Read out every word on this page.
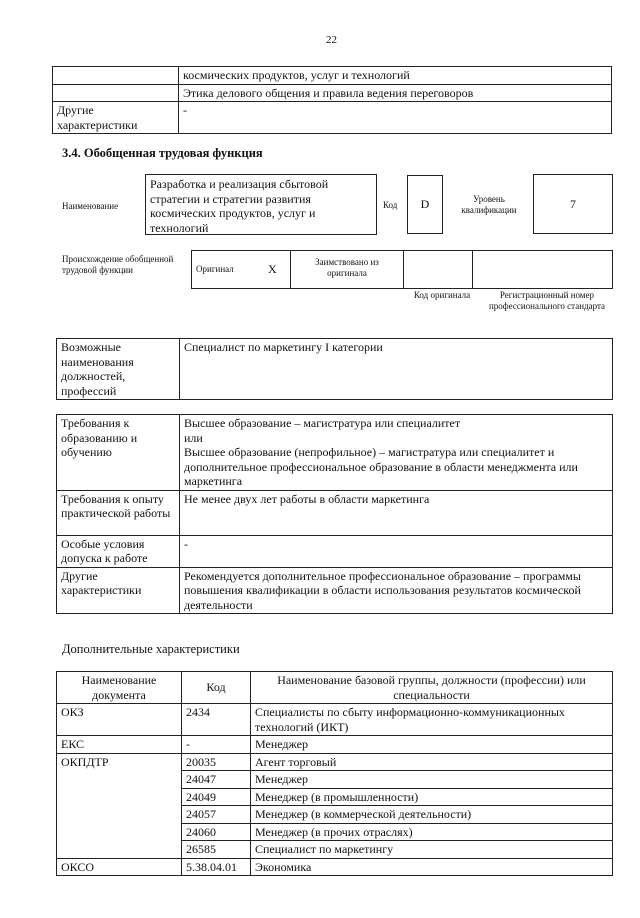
22
	космических продуктов, услуг и технологий
	Этика делового общения и правила ведения переговоров
Другие характеристики	-
3.4. Обобщенная трудовая функция
Наименование
Разработка и реализация сбытовой стратегии и стратегии развития космических продуктов, услуг и технологий
Код	D	Уровень квалификации	7
Происхождение обобщенной трудовой функции	Оригинал	X	Заимствовано из оригинала		
Код оригинала	Регистрационный номер профессионального стандарта
Возможные наименования должностей, профессий	Специалист по маркетингу I категории
Требования к образованию и обучению	Высшее образование – магистратура или специалитет
или
Высшее образование (непрофильное) – магистратура или специалитет и дополнительное профессиональное образование в области менеджмента или маркетинга
Требования к опыту практической работы	Не менее двух лет работы в области маркетинга
Особые условия допуска к работе	-
Другие характеристики	Рекомендуется дополнительное профессиональное образование – программы повышения квалификации в области использования результатов космической деятельности
Дополнительные характеристики
Наименование документа	Код	Наименование базовой группы, должности (профессии) или специальности
ОКЗ	2434	Специалисты по сбыту информационно-коммуникационных технологий (ИКТ)
ЕКС	-	Менеджер
ОКПДТР	20035	Агент торговый
	24047	Менеджер
	24049	Менеджер (в промышленности)
	24057	Менеджер (в коммерческой деятельности)
	24060	Менеджер (в прочих отраслях)
	26585	Специалист по маркетингу
ОКСО	5.38.04.01	Экономика
